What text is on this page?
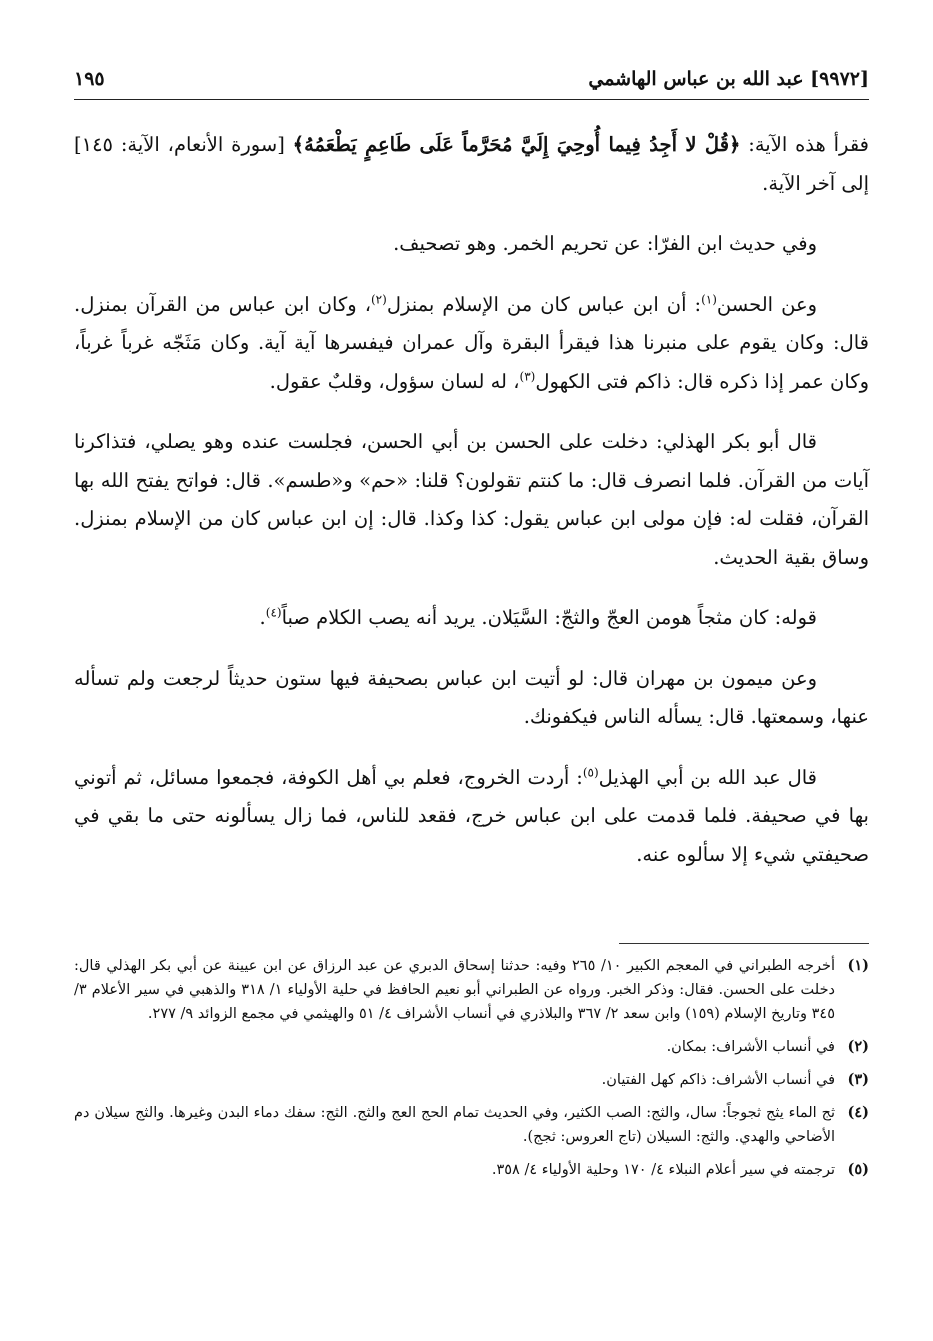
[٩٩٧٢] عبد الله بن عباس الهاشمي
١٩٥

فقرأ هذه الآية: ﴿قُلْ لا أَجِدُ فِيما أُوحِيَ إِلَيَّ مُحَرَّماً عَلَى طَاعِمٍ يَطْعَمُهُ﴾ [سورة الأنعام، الآية: ١٤٥] إلى آخر الآية.

وفي حديث ابن الفرّا: عن تحريم الخمر. وهو تصحيف.

وعن الحسن$^{(١)}$: أن ابن عباس كان من الإسلام بمنزل$^{(٢)}$، وكان ابن عباس من القرآن بمنزل. قال: وكان يقوم على منبرنا هذا فيقرأ البقرة وآل عمران فيفسرها آية آية. وكان مَثَجّه غرباً غرباً، وكان عمر إذا ذكره قال: ذاكم فتى الكهول$^{(٣)}$، له لسان سؤول، وقلبٌ عقول.

قال أبو بكر الهذلي: دخلت على الحسن بن أبي الحسن، فجلست عنده وهو يصلي، فتذاكرنا آيات من القرآن. فلما انصرف قال: ما كنتم تقولون؟ قلنا: «حم» و«طسم». قال: فواتح يفتح الله بها القرآن، فقلت له: فإن مولى ابن عباس يقول: كذا وكذا. قال: إن ابن عباس كان من الإسلام بمنزل. وساق بقية الحديث.

قوله: كان مثجاً هومن العجّ والثجّ: السَّيَلان. يريد أنه يصب الكلام صباً$^{(٤)}$.

وعن ميمون بن مهران قال: لو أتيت ابن عباس بصحيفة فيها ستون حديثاً لرجعت ولم تسأله عنها، وسمعتها. قال: يسأله الناس فيكفونك.

قال عبد الله بن أبي الهذيل$^{(٥)}$: أردت الخروج، فعلم بي أهل الكوفة، فجمعوا مسائل، ثم أتوني بها في صحيفة. فلما قدمت على ابن عباس خرج، فقعد للناس، فما زال يسألونه حتى ما بقي في صحيفتي شيء إلا سألوه عنه.

(١)
أخرجه الطبراني في المعجم الكبير ١٠/ ٢٦٥ وفيه: حدثنا إسحاق الدبري عن عبد الرزاق عن ابن عيينة عن أبي بكر الهذلي قال: دخلت على الحسن. فقال: وذكر الخبر. ورواه عن الطبراني أبو نعيم الحافظ في حلية الأولياء ١/ ٣١٨ والذهبي في سير الأعلام ٣/ ٣٤٥ وتاريخ الإسلام (١٥٩) وابن سعد ٢/ ٣٦٧ والبلاذري في أنساب الأشراف ٤/ ٥١ والهيثمي في مجمع الزوائد ٩/ ٢٧٧.
(٢)
في أنساب الأشراف: بمكان.
(٣)
في أنساب الأشراف: ذاكم كهل الفتيان.
(٤)
ثج الماء يثج ثجوجاً: سال، والثج: الصب الكثير، وفي الحديث تمام الحج العج والثج. الثج: سفك دماء البدن وغيرها. والثج سيلان دم الأضاحي والهدي. والثج: السيلان (تاج العروس: ثجج).
(٥)
ترجمته في سير أعلام النبلاء ٤/ ١٧٠ وحلية الأولياء ٤/ ٣٥٨.
